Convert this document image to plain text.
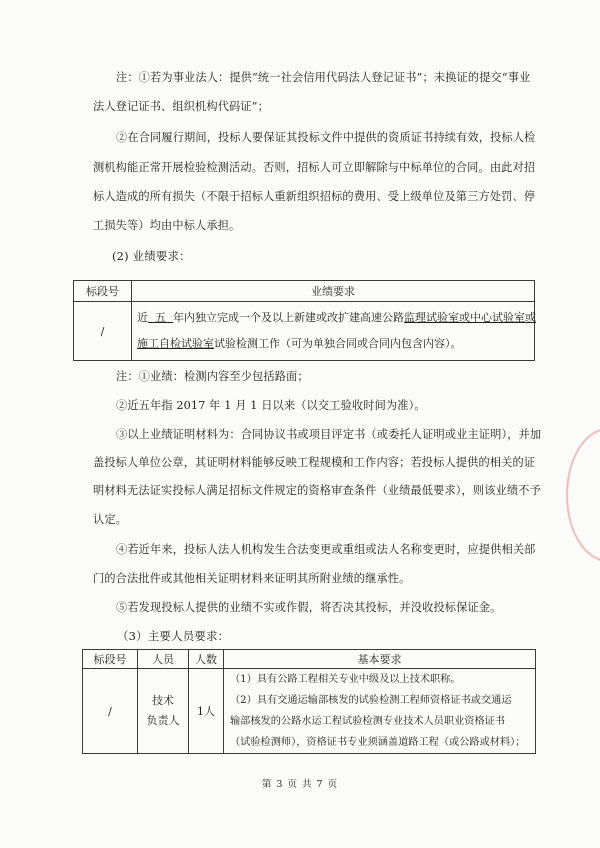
注：①若为事业法人：提供“统一社会信用代码法人登记证书”；未换证的提交“事业
法人登记证书、组织机构代码证”；
②在合同履行期间，投标人要保证其投标文件中提供的资质证书持续有效，投标人检
测机构能正常开展检验检测活动。否则，招标人可立即解除与中标单位的合同。由此对招
标人造成的所有损失（不限于招标人重新组织招标的费用、受上级单位及第三方处罚、停
工损失等）均由中标人承担。
(2) 业绩要求：
标段号	业绩要求
/	近 五 年内独立完成一个及以上新建或改扩建高速公路监理试验室或中心试验室或
施工自检试验室试验检测工作（可为单独合同或合同内包含内容）。
注：①业绩：检测内容至少包括路面；
②近五年指 2017 年 1 月 1 日以来（以交工验收时间为准）。
③以上业绩证明材料为：合同协议书或项目评定书（或委托人证明或业主证明），并加
盖投标人单位公章，其证明材料能够反映工程规模和工作内容；若投标人提供的相关的证
明材料无法证实投标人满足招标文件规定的资格审查条件（业绩最低要求），则该业绩不予
认定。
④若近年来，投标人法人机构发生合法变更或重组或法人名称变更时，应提供相关部
门的合法批件或其他相关证明材料来证明其所附业绩的继承性。
⑤若发现投标人提供的业绩不实或作假，将否决其投标，并没收投标保证金。
（3）主要人员要求：
标段号	人员	人数	基本要求
/	技术
负责人	1人	（1）具有公路工程相关专业中级及以上技术职称。
（2）具有交通运输部核发的试验检测工程师资格证书或交通运
输部核发的公路水运工程试验检测专业技术人员职业资格证书
（试验检测师），资格证书专业须涵盖道路工程（或公路或材料）；
第 3 页 共 7 页
